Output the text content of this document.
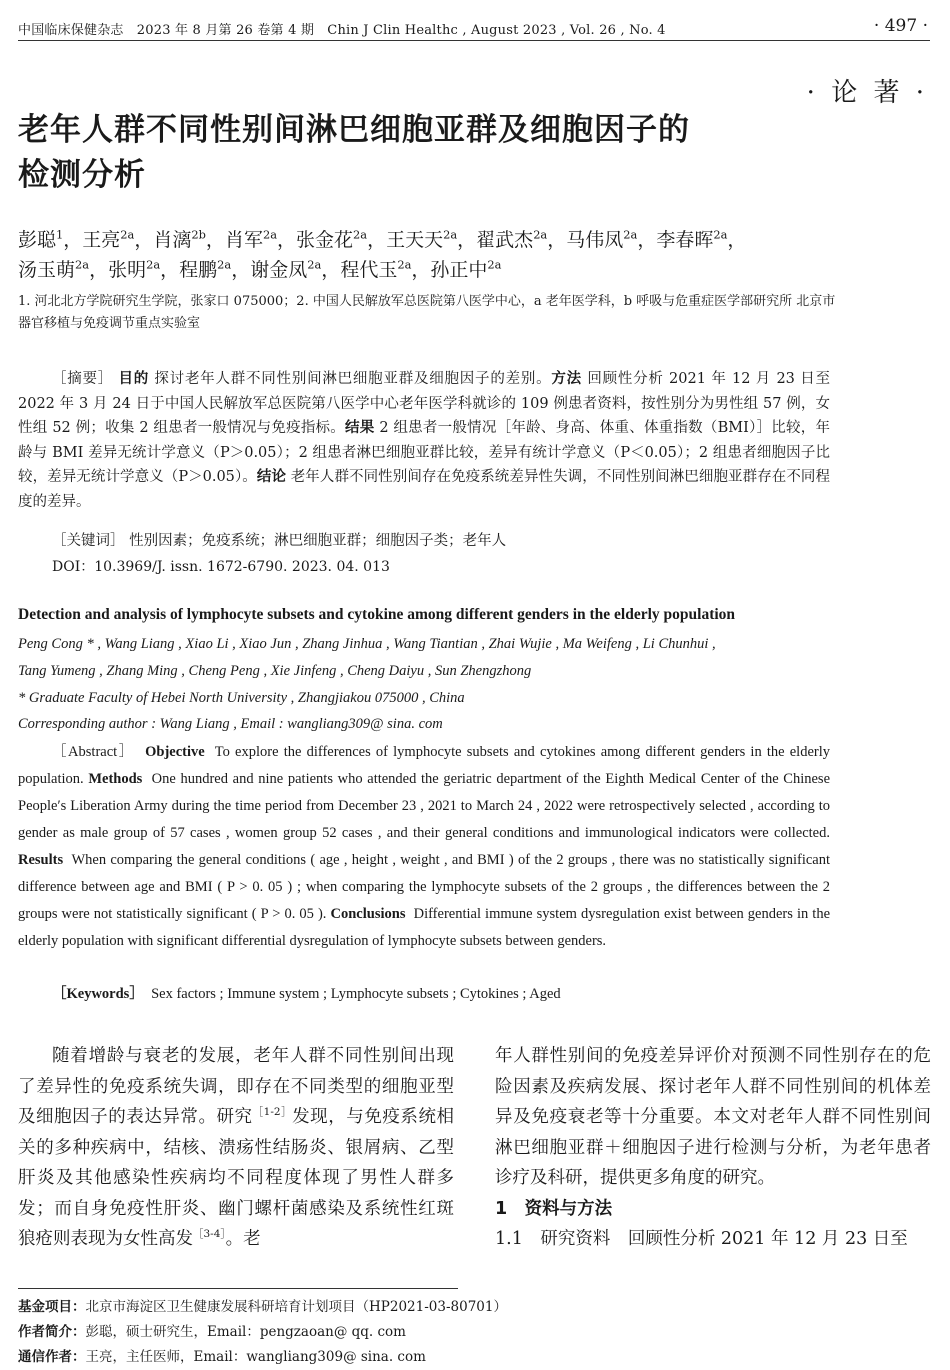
中国临床保健杂志　2023 年 8 月第 26 卷第 4 期　Chin J Clin Healthc , August 2023 , Vol. 26 , No. 4	· 497 ·
· 论 著 ·
老年人群不同性别间淋巴细胞亚群及细胞因子的
检测分析
彭聪$^1$，王亮$^{2a}$，肖漓$^{2b}$，肖军$^{2a}$，张金花$^{2a}$，王天天$^{2a}$，翟武杰$^{2a}$，马伟凤$^{2a}$，李春晖$^{2a}$，
汤玉萌$^{2a}$，张明$^{2a}$，程鹏$^{2a}$，谢金凤$^{2a}$，程代玉$^{2a}$，孙正中$^{2a}$
1. 河北北方学院研究生学院，张家口 075000；2. 中国人民解放军总医院第八医学中心，a 老年医学科，b 呼吸与危重症医学部研究所 北京市器官移植与免疫调节重点实验室
［摘要］ 目的 探讨老年人群不同性别间淋巴细胞亚群及细胞因子的差别。方法 回顾性分析 2021 年 12 月 23 日至 2022 年 3 月 24 日于中国人民解放军总医院第八医学中心老年医学科就诊的 109 例患者资料，按性别分为男性组 57 例，女性组 52 例；收集 2 组患者一般情况与免疫指标。结果 2 组患者一般情况［年龄、身高、体重、体重指数（BMI）］比较，年龄与 BMI 差异无统计学意义（P＞0.05）；2 组患者淋巴细胞亚群比较，差异有统计学意义（P＜0.05）；2 组患者细胞因子比较，差异无统计学意义（P＞0.05）。结论 老年人群不同性别间存在免疫系统差异性失调，不同性别间淋巴细胞亚群存在不同程度的差异。
［关键词］ 性别因素；免疫系统；淋巴细胞亚群；细胞因子类；老年人
DOI：10.3969/J. issn. 1672-6790. 2023. 04. 013
Detection and analysis of lymphocyte subsets and cytokine among different genders in the elderly population
Peng Cong * , Wang Liang , Xiao Li , Xiao Jun , Zhang Jinhua , Wang Tiantian , Zhai Wujie , Ma Weifeng , Li Chunhui ,
Tang Yumeng , Zhang Ming , Cheng Peng , Xie Jinfeng , Cheng Daiyu , Sun Zhengzhong
* Graduate Faculty of Hebei North University , Zhangjiakou 075000 , China
Corresponding author : Wang Liang , Email : wangliang309@ sina. com
［Abstract］ Objective To explore the differences of lymphocyte subsets and cytokines among different genders in the elderly population. Methods One hundred and nine patients who attended the geriatric department of the Eighth Medical Center of the Chinese People′s Liberation Army during the time period from December 23 , 2021 to March 24 , 2022 were retrospectively selected , according to gender as male group of 57 cases , women group 52 cases , and their general conditions and immunological indicators were collected. Results When comparing the general conditions ( age , height , weight , and BMI ) of the 2 groups , there was no statistically significant difference between age and BMI ( P > 0. 05 ) ; when comparing the lymphocyte subsets of the 2 groups , the differences between the 2 groups were not statistically significant ( P > 0. 05 ). Conclusions Differential immune system dysregulation exist between genders in the elderly population with significant differential dysregulation of lymphocyte subsets between genders.
［Keywords］ Sex factors ; Immune system ; Lymphocyte subsets ; Cytokines ; Aged
随着增龄与衰老的发展，老年人群不同性别间出现了差异性的免疫系统失调，即存在不同类型的细胞亚型及细胞因子的表达异常。研究$^{[1-2]}$发现，与免疫系统相关的多种疾病中，结核、溃疡性结肠炎、银屑病、乙型肝炎及其他感染性疾病均不同程度体现了男性人群多发；而自身免疫性肝炎、幽门螺杆菌感染及系统性红斑狼疮则表现为女性高发$^{[3-4]}$。老
年人群性别间的免疫差异评价对预测不同性别存在的危险因素及疾病发展、探讨老年人群不同性别间的机体差异及免疫衰老等十分重要。本文对老年人群不同性别间淋巴细胞亚群＋细胞因子进行检测与分析，为老年患者诊疗及科研，提供更多角度的研究。
1　资料与方法
1.1　研究资料　回顾性分析 2021 年 12 月 23 日至
基金项目：北京市海淀区卫生健康发展科研培育计划项目（HP2021-03-80701）
作者简介：彭聪，硕士研究生，Email：pengzaoan@ qq. com
通信作者：王亮，主任医师，Email：wangliang309@ sina. com
